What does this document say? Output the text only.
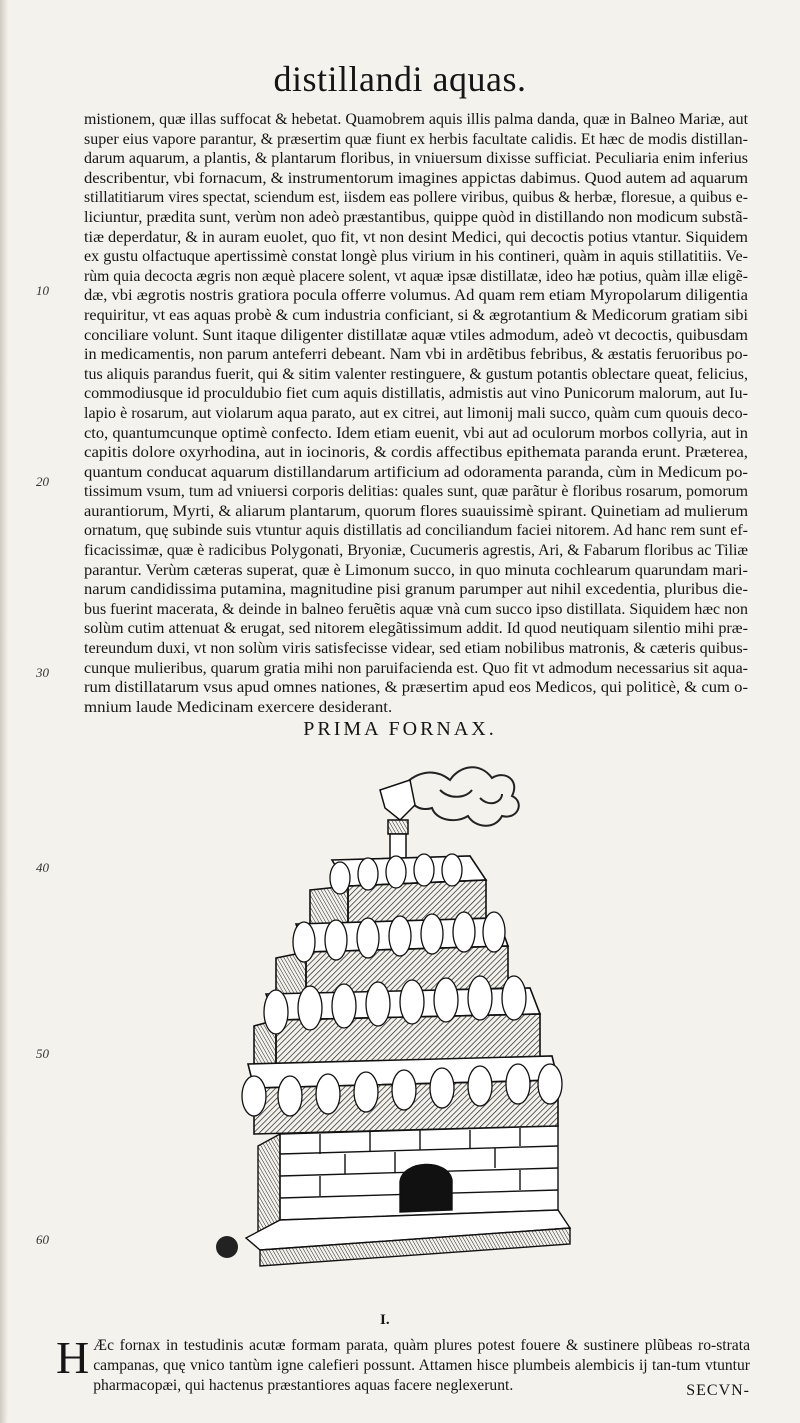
distillandi aquas.
mistionem, quæ illas suffocat & hebetat. Quamobrem aquis illis palma danda, quæ in Balneo Mariæ, aut
super eius vapore parantur, & præsertim quæ fiunt ex herbis facultate calidis. Et hæc de modis distillan-
darum aquarum, a plantis, & plantarum floribus, in vniuersum dixisse sufficiat. Peculiaria enim inferius
describentur, vbi fornacum, & instrumentorum imagines appictas dabimus. Quod autem ad aquarum
stillatitiarum vires spectat, sciendum est, iisdem eas pollere viribus, quibus & herbæ, floresue, a quibus e-
liciuntur, prædita sunt, verùm non adeò præstantibus, quippe quòd in distillando non modicum substã-
tiæ deperdatur, & in auram euolet, quo fit, vt non desint Medici, qui decoctis potius vtantur. Siquidem
ex gustu olfactuque apertissimè constat longè plus virium in his contineri, quàm in aquis stillatitiis. Ve-
rùm quia decocta ægris non æquè placere solent, vt aquæ ipsæ distillatæ, ideo hæ potius, quàm illæ eligẽ-
dæ, vbi ægrotis nostris gratiora pocula offerre volumus. Ad quam rem etiam Myropolarum diligentia
requiritur, vt eas aquas probè & cum industria conficiant, si & ægrotantium & Medicorum gratiam sibi
conciliare volunt. Sunt itaque diligenter distillatæ aquæ vtiles admodum, adeò vt decoctis, quibusdam
in medicamentis, non parum anteferri debeant. Nam vbi in ardẽtibus febribus, & æstatis feruoribus po-
tus aliquis parandus fuerit, qui & sitim valenter restinguere, & gustum potantis oblectare queat, felicius,
commodiusque id proculdubio fiet cum aquis distillatis, admistis aut vino Punicorum malorum, aut Iu-
lapio è rosarum, aut violarum aqua parato, aut ex citrei, aut limonij mali succo, quàm cum quouis deco-
cto, quantumcunque optimè confecto. Idem etiam euenit, vbi aut ad oculorum morbos collyria, aut in
capitis dolore oxyrhodina, aut in iocinoris, & cordis affectibus epithemata paranda erunt. Præterea,
quantum conducat aquarum distillandarum artificium ad odoramenta paranda, cùm in Medicum po-
tissimum vsum, tum ad vniuersi corporis delitias: quales sunt, quæ parãtur è floribus rosarum, pomorum
aurantiorum, Myrti, & aliarum plantarum, quorum flores suauissimè spirant. Quinetiam ad mulierum
ornatum, quę subinde suis vtuntur aquis distillatis ad conciliandum faciei nitorem. Ad hanc rem sunt ef-
ficacissimæ, quæ è radicibus Polygonati, Bryoniæ, Cucumeris agrestis, Ari, & Fabarum floribus ac Tiliæ
parantur. Verùm cæteras superat, quæ è Limonum succo, in quo minuta cochlearum quarundam mari-
narum candidissima putamina, magnitudine pisi granum parumper aut nihil excedentia, pluribus die-
bus fuerint macerata, & deinde in balneo feruẽtis aquæ vnà cum succo ipso distillata. Siquidem hæc non
solùm cutim attenuat & erugat, sed nitorem elegãtissimum addit. Id quod neutiquam silentio mihi præ-
tereundum duxi, vt non solùm viris satisfecisse videar, sed etiam nobilibus matronis, & cæteris quibus-
cunque mulieribus, quarum gratia mihi non paruifacienda est. Quo fit vt admodum necessarius sit aqua-
rum distillatarum vsus apud omnes nationes, & præsertim apud eos Medicos, qui politicè, & cum o-
mnium laude Medicinam exercere desiderant.
10
20
30
40
50
60
PRIMA FORNAX.
I.

H Æc fornax in testudinis acutæ formam parata, quàm plures potest fouere & sustinere plũbeas ro-strata campanas, quę vnico tantùm igne calefieri possunt. Attamen hisce plumbeis alembicis ij tan-tum vtuntur pharmacopæi, qui hactenus præstantiores aquas facere neglexerunt.	SECVN-
